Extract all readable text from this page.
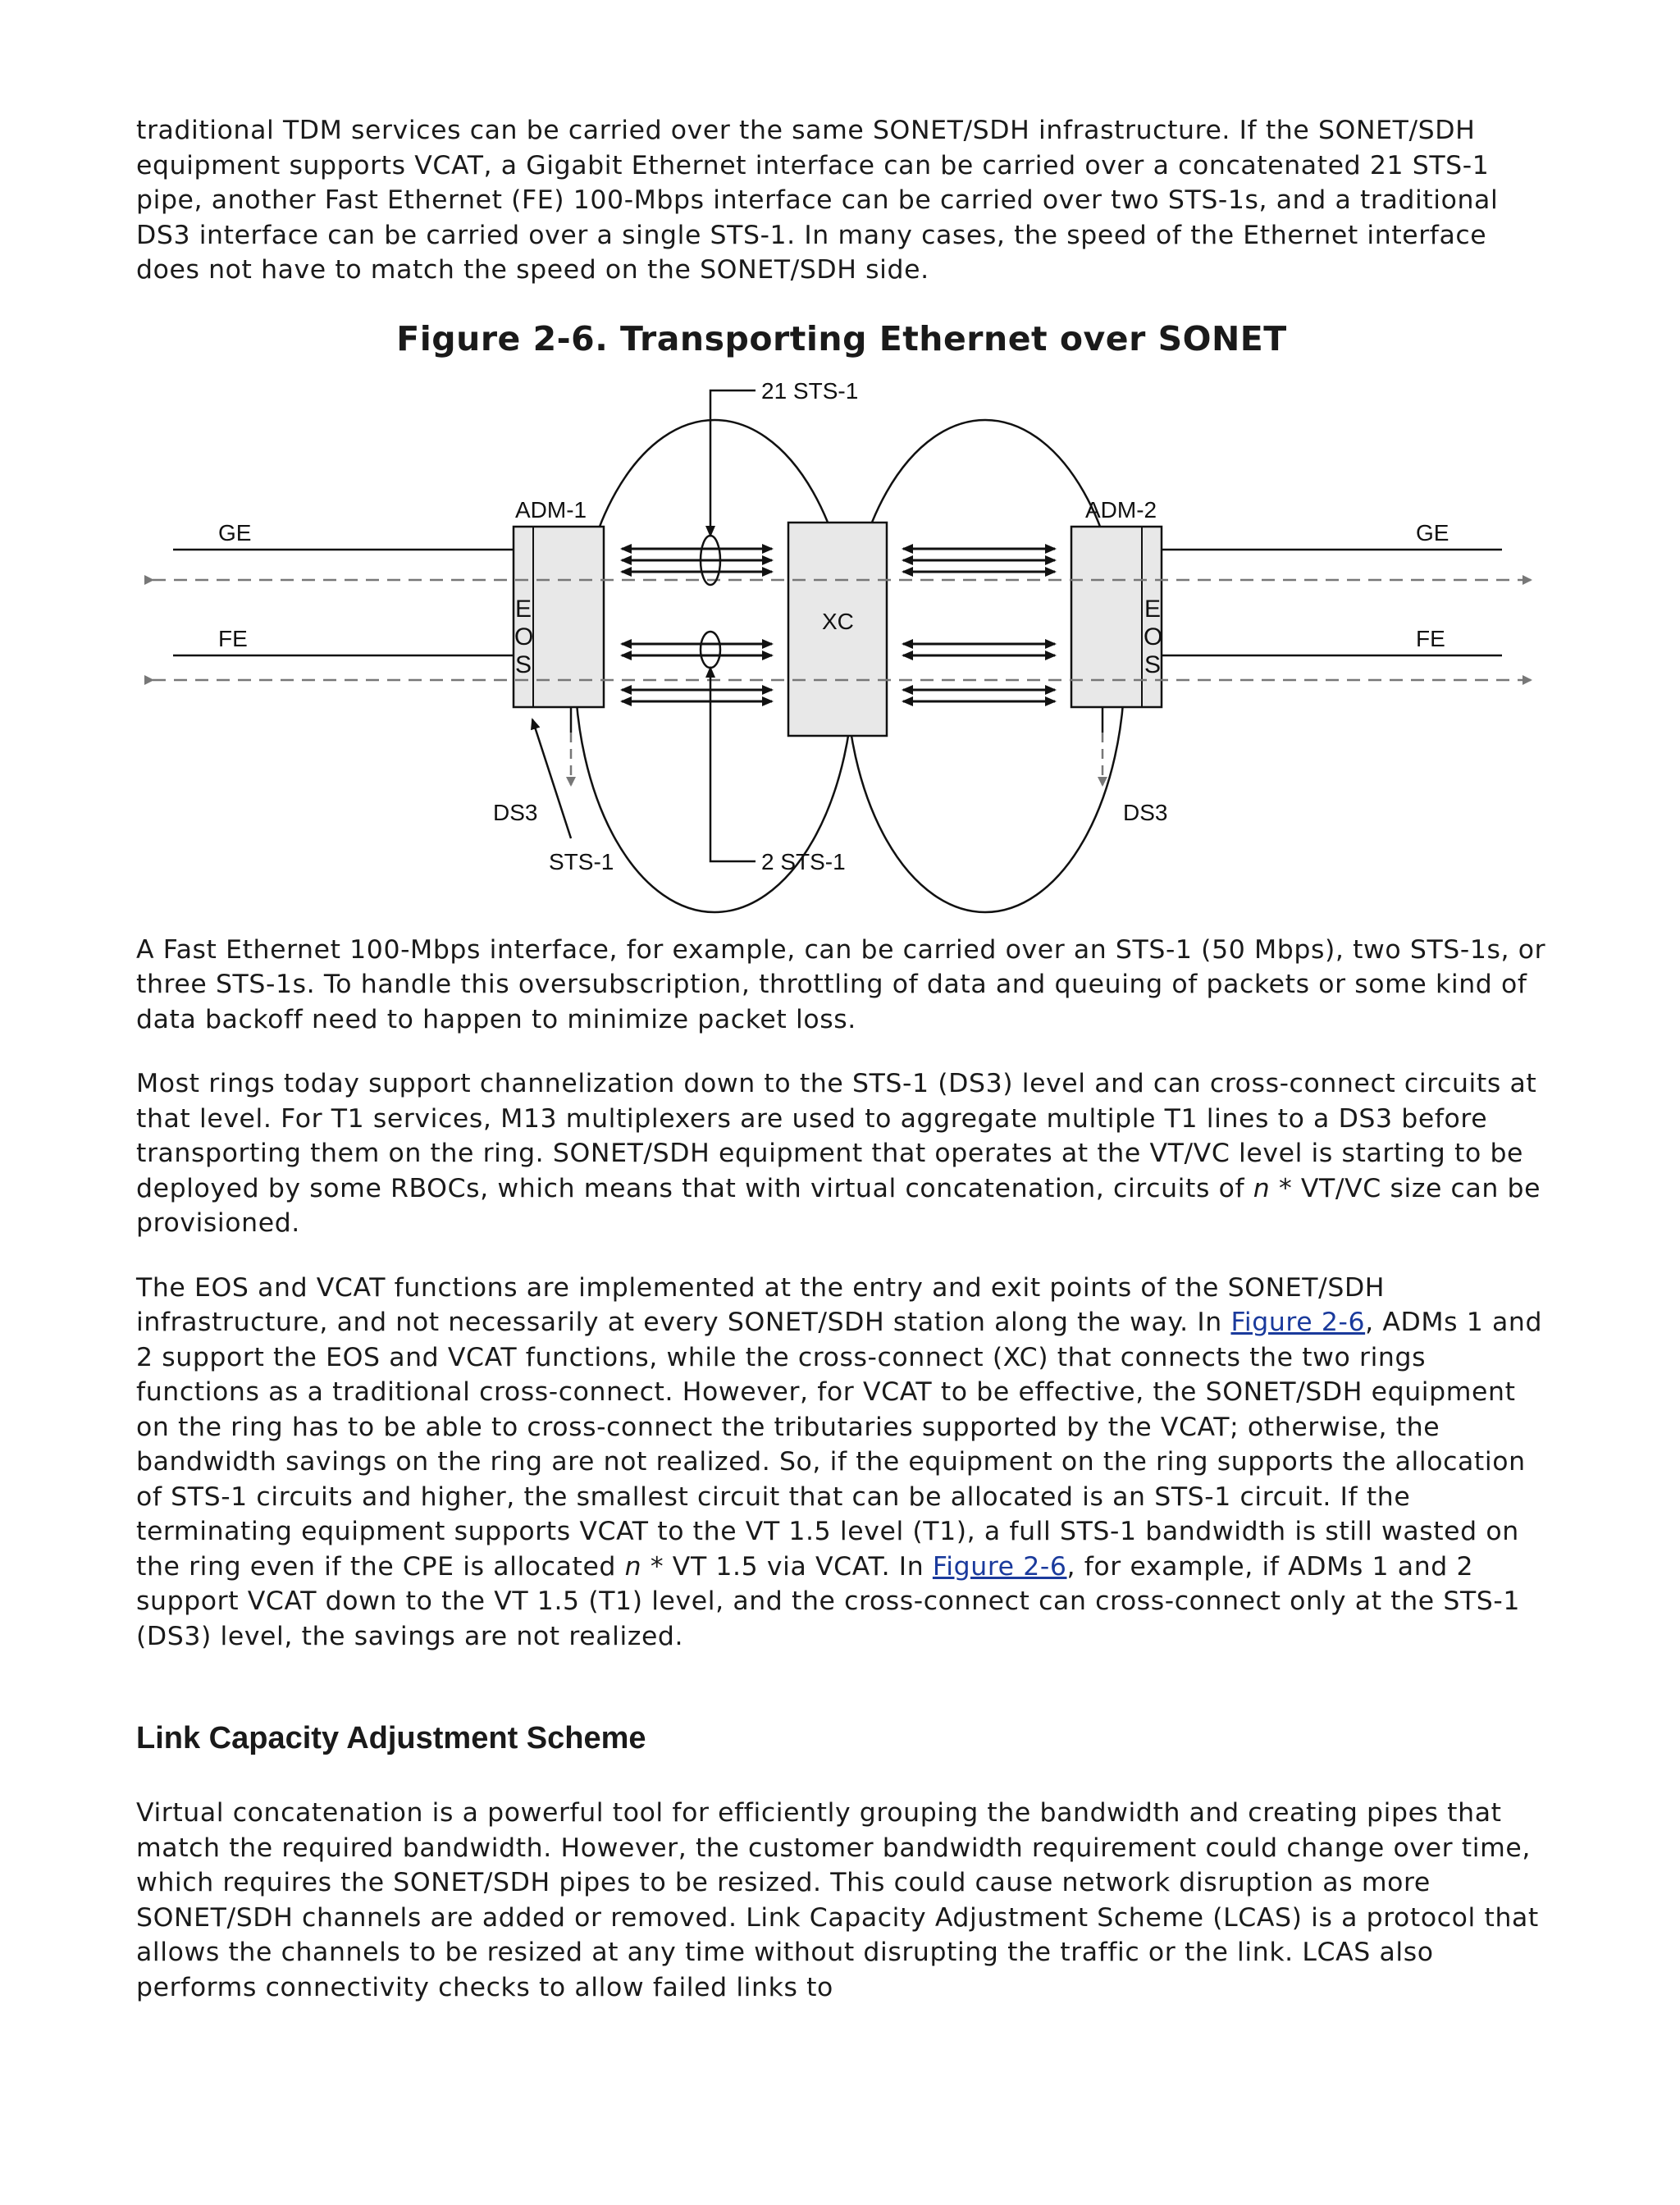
traditional TDM services can be carried over the same SONET/SDH infrastructure. If the SONET/SDH equipment supports VCAT, a Gigabit Ethernet interface can be carried over a concatenated 21 STS-1 pipe, another Fast Ethernet (FE) 100-Mbps interface can be carried over two STS-1s, and a traditional DS3 interface can be carried over a single STS-1. In many cases, the speed of the Ethernet interface does not have to match the speed on the SONET/SDH side.

Figure 2-6. Transporting Ethernet over SONET
21 STS-1
2 STS-1
STS-1
ADM-1	ADM-2
GE
FE
GE
FE
DS3	DS3
XC
E
O
S
E
O
S

A Fast Ethernet 100-Mbps interface, for example, can be carried over an STS-1 (50 Mbps), two STS-1s, or three STS-1s. To handle this oversubscription, throttling of data and queuing of packets or some kind of data backoff need to happen to minimize packet loss.

Most rings today support channelization down to the STS-1 (DS3) level and can cross-connect circuits at that level. For T1 services, M13 multiplexers are used to aggregate multiple T1 lines to a DS3 before transporting them on the ring. SONET/SDH equipment that operates at the VT/VC level is starting to be deployed by some RBOCs, which means that with virtual concatenation, circuits of n * VT/VC size can be provisioned.

The EOS and VCAT functions are implemented at the entry and exit points of the SONET/SDH infrastructure, and not necessarily at every SONET/SDH station along the way. In Figure 2-6, ADMs 1 and 2 support the EOS and VCAT functions, while the cross-connect (XC) that connects the two rings functions as a traditional cross-connect. However, for VCAT to be effective, the SONET/SDH equipment on the ring has to be able to cross-connect the tributaries supported by the VCAT; otherwise, the bandwidth savings on the ring are not realized. So, if the equipment on the ring supports the allocation of STS-1 circuits and higher, the smallest circuit that can be allocated is an STS-1 circuit. If the terminating equipment supports VCAT to the VT 1.5 level (T1), a full STS-1 bandwidth is still wasted on the ring even if the CPE is allocated n * VT 1.5 via VCAT. In Figure 2-6, for example, if ADMs 1 and 2 support VCAT down to the VT 1.5 (T1) level, and the cross-connect can cross-connect only at the STS-1 (DS3) level, the savings are not realized.

Link Capacity Adjustment Scheme

Virtual concatenation is a powerful tool for efficiently grouping the bandwidth and creating pipes that match the required bandwidth. However, the customer bandwidth requirement could change over time, which requires the SONET/SDH pipes to be resized. This could cause network disruption as more SONET/SDH channels are added or removed. Link Capacity Adjustment Scheme (LCAS) is a protocol that allows the channels to be resized at any time without disrupting the traffic or the link. LCAS also performs connectivity checks to allow failed links to
